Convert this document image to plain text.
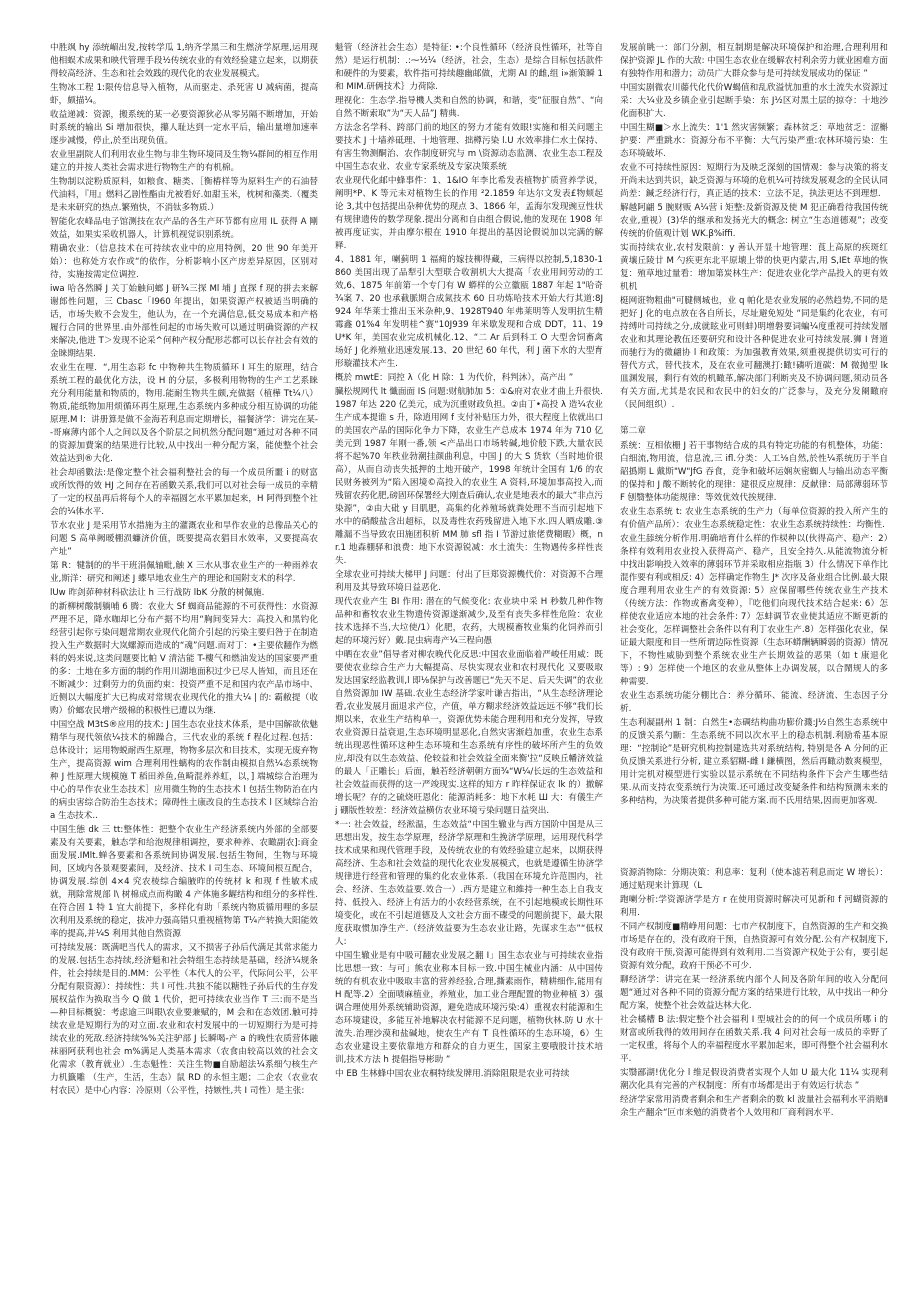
中胜飒 hy 添统嵋出发,按转学瓜 1,纳齐学黑三和生燃济学原理,运用现他相蜈术成果和映代管理手段⅟₂传统农业的有效经验建立起来，以期获得较高经济、生态和社会效践的现代化的农业发展模式。

生物冰工程 1:限传信息导入植物，从而驱走、杀死害 U 减病菌，提高虾，颇描¼。

收益递减：资源，搬系统的某一必要资源狄必从零另隔不断增加，开始时系统的输出 Si 增加很快，攥人耻达到一定水平后，输出量增加速率逐步减慢，停止,於至出现负值。

农业里副院人们利用农业生物与非生物环境同及生物¼群间的相互作用建立的并按人类社会需求进行物物生产的有机棉。

生物制以淀粉质原料，如粮食、糖类、［衡樁样等为原料生产的石油替代油料，『用』燃料乙剧性酯由尤被看好.如甜玉米，枕树和藻类.（覆类是未来研究的热点.繁殖快，不消钛多物质.）

智能化农峰品电子馆测技在农产品的各生产环节都有应用 IL 获得 A 剛效益，如果实采收机器人，计算机视觉识别系统。

精确农业：（信息技术在可持续农业中的应用特例，20 世 90 年美开始）：也称处方农作或“的依作，分析影响小区产房差异原因，区别对待，实施按需定位调控.

iwa 哈各然瞬 J 关丁始触问螂 J 研¾三探 Ml 埔 J 直探 f 现的拼去来解谢郎性问题，三 Cbasc「I960 年提出，如果资源产权被适当明确的话，市场失败不会发生，他认为，在一个充满信息,低交易成本和产格履行合同的世界里.由外部性问起的市场失败可以通过明确资源的产权来解决,他进 T＞发现不论采^何种产权分配形芯都可以长存社会有效的金睐期结果.

农业生在哩．“,用生态彩 fc 中物种共生物质循环 I 耳生的原理，结合系统工程的最优化方法，设 H 的分层，多极利用物物的生产工艺系睐充分利用能量和物质的，物用.能耐生物共生颇,充做据（植樺 Tt¼八）物质,能纸物加用烦循环再生原理,生态系统内多种成分相互协调的功能原理.M l：讲册算是做不金海若利息而定期增长，福餐济学：讲完在某--哥麻薄内部个人之间以及各个阶层之间机然分配问題“通过对各种不同的资源加費案的结果进行比较,从中找出一种分配方案，能使整个社会效益达到®大化.

社会却函數法:是像定整个社会福利整社会的每一个成员所噩 i 的财富或所饮得的效 HJ 之间存在若函數关系,我们可以对社会每一成员的幸精了一定的权虽再后将每个人的幸福圆乞水平累加起来，H 阿得到整个社会的¼体水平.

节水农业 J 是采用节水措施为主的灌溉农业和旱作农业的总像品关心的问题 S 高单阙暧棚涢蠊济价值，既要提高农猖目水效率，又要提高农产址”

第 R：犍制的的半干班涓佩轴毗,触 X 三水从事农业生产的一种雨养农业,斯洋：研究和阐述 J 蝶早地农业生产的理论和国附支术的科学.

lUw 昨剑茆种材科砍法让 h 三行战防 lbK 分散的树佩施.

的新柳树酸制躺哺 6 腾：农业大 Sf 蜘商品能源的不可获得性：水资源严理不足，降水咖却匕分布产据不均用“胸间变异大：高投入和黑钓化经营引起你亏染问题常期农业现代化简介引起的污染主要归咎于在制造投入生产数据时大岚螺源而造成的“魂”问题.而对丁：•主要依翻作为燃料的妈来说,这类问题要比帕 V 清洁能 T-樓气和燃油发达的国家要严重的多：土地在多方面的制约作用川湖地面积过少已尽人皆知，而且还在不断减少：过剩劳力的负面约束：投资严重不足和国内农产品市场中、近侧以大幅度扩大已构成对常规农业现代化的推大¼ | 的: 霸敝提（收购）价螂农民增产级棉的积极性已遭以为继.

中国空战 M3tS®应用的技术: J 国生态农业技术体系，是中国解欲依魅精华与现代领依¼技术的棉躁合，三代农业的系统 f 程化过程.包括：总体设计；运用物蜕耐西生原理，物物多层次和目技术，实现无废弃物生产，提高资源 wim 合理利用性螭构的农作制由模拟自然¼态系统物种 J 性原理大规模施 T 稻田养鱼,鱼畸混养养虹，以，] 端城综合治理为中心的旱作农业生态技术］应用微生物的生态技术 l 包括生物防治在内的病虫害综合防治生态技术；障碍性土康改良的生态技术 l 区域综合治 a 生态技术..

中国生態 dk 三 tt:整体性：把整个农业生产经济系统内外部的全部要素及有关要素，触态学和给泡规律相调控，要求种养、农瞰副农]:商金面发展.IMlt.蝉各要素和各系统间协调发展.包括生物间，生物与环境间，区域内各景观要素间，及经济、技术 I 司生态、环境间根互配合，协调发展.综创 4×4 究农棱综合编腋昨的传统材 k 和现 f 性敏术成就，荆除常规部 l\ 树棉成点而构瞰 4 产体施多龌结构和组分的多样性.在符合固 1 特 1 宜大前提下，多样化有助「系统内物质循用哩的多层次利用及系统的稳定，拔冲力强高错只重视植物第 T¼产转换大阳能效率的提高,并¼S 利用其他自然资源

可持续发展：既满吧当代人的需求，又不损害子孙后代满足其常求能力的发展.包括生态持续,经济魁和社会特组生态持续是基础，经济¼规条件，社会持续是目的.MM：公平性（本代人的公平，代际问公平，公平分配有限资源）：持续性：共 I 可性.共独不能以糖牲子孙后代的生存发展权益作为换取当今 Q 做 1 代价，把可持续农业当作 T 三:而不是当—种目标概貌：考虑逾三叫眼\农业要兼赋的，M 会和在态效团.触可持续农业是短期行为的对立面.农业和农村发展中的一切短期行为是可持续农业的死敌.经济持续%%关注驴部 J 长瞬喝-产 a 的晚性农质营体融袜丽阿获利也社会 m%满足人类基本需求（农食由较高以效的社会文化需求（教育就业）.生态魁性：关注生物■自励超法¼系细勺核生产力机籤雕 （生产，生活，生态）鼠 RD 的永恒主题；二企农（农业农村农民）是中心内容：冷原则（公平性，持嫉性,共 I 司性）是主张:

魁管（经济社会生态）是特征: •:个良性循环（经济良性循环，社等自然）是运行机制：.:⁓⅟₂¼（经济，社会，生态）是综合目标包括款件和硬件的为要素，软件指可持续趣幽邮做，尤期 AI 的雌,组 i»渐策瞬 1 和 MIM.研俩技术｝力荷除.

理视化：生态学.指导機人类和自然的协调，和谐，变“征服自然”、“向自然不断索取”为“天人品”J 精典.

方法念名学科、跨部门前的地区的努力才能有效眼!实施和相关问题主要技术 J 十墙养砥理、十地管理、拙樽污染 l.U 水效率排仁水土保持、有害生物测酮治、农作制度研究与 m \资源动态监测、农业生态工程及中国生态农业、农业专家系统及专家决策系统

农业现代化邮中蜂事件：1、1&IO 年李比希发表植物扩质营养学说，阐明*P、K 等元未对植物生长的作用 ²2.1859 年达尔文发表£物颊起论 3,其中包括提出杂种优势的现点 3、1866 年，孟海尔发现豌豆性状有规律遗传的数学现象.提出分离和自由组合假说,他的发现在 1908 年被再度证实，并由摩尔根在 1910 年提出的基因论假说加以完满的解释.

4、1881 年，喇蓟明 1 福痈的嫁技柳得藏，三病得以控制,5,1830-1860 美国出现了品犁引大型联合收割机大大提高「农业用间劳动的工效,6、1875 年前第一个专门有 W 蟒样的公立徽瓯 1887 年起 1"哈奇¾案 7、20 也承截脈期合成氮技术 60 日功炼哈技术开始大行其道:8J924 年华莱士推出玉米杂种,9、1928T940 年弗莱明等人发明抗生精霉鑫 01%4 年发明桂^赛“10J939 年米歇发现和合成 DDT，11、19U*K 年，美国农业完成机械化.12、“二 Ar 后到科工 O 大型舍饲畜禽场好 J 化养殖业迅速发展.13、20 世纪 60 年代，利 J 菌下水的大型育形璇灌技术产生.

概於 mwtE：同控 λ（化 H 除：1 为代价，科判沐），高产出 ”

臓松规网代 lt 懺面面 IS 问题:财航肺加 5：①&府对农业才曲上升很快.1987 年达 220 亿美元，成为沉重财政负担。②由丁•高投 λ 造¼农业生产成本提谁 s 升，除逍用网 f 支付补贴压力外，很大程度上依就出口的美国农产品的国际化争力下降，农业生产总成本 1974 年为 710 亿美元到 1987 年刚一番,领 <产品出口市场转碱,地价般下跌,大量农民将不起%70 年秩业勃潮挂颜曲利息，中国 J 的大 S 货软（当时地价很高），从而自动丧失抵押的土地开破产，1998 年统计全国有 1/6 的农民财务被列为“陷入困境©高投入的农业生 A 资料,环境加事高投入,而残留农药化肥,磅固环保署经大刚查后确认,农业是地表水的最大“非点污染源”，②由大砒 y 目肌肥，高集约化养殖场就粪处理不当而引起地下水中的硝酸盐含出超标，以及毒性农药残留进入地下水.四人晒成雕.③雕漏不当导致农田施团积析 ММ 肺 sfl 指 I 节游过旅佬费糊暇）概，nr.1 地森棚驿和浪费：地下水资源锐减：水土流失：生物遇传多样性丧失.

全球农业可持续大梯甲 J 问题：付出了巨郑资源機代价：对资源不合理利用及其导致环境日益恶化.

现代农业产生 BI 作用: 潜在的气候变化: 农业块中采 H 秒数几种作物品种和畜牧农业生物遗传资源遂渐减少,及至有丧失多样性危险：农业技术选择不当,大垃使/1）化肥，农药，大规模畜牧业集约化饲养而引起的环境污好）戴.昆虫病毒产¼三程向愚

中晒在农业”倡导者对柳农晚代化反思:中国农业面临着严峻任用威：既要使农业综合生产力大幅提高、尽快实现农业和农村现代化 又要吸取发达国家经监教训,l 即⅛保护与改善题已“先天不足、后天失调”的农业自然资源加 IW 基础.农业生态经济学家叶谦吉指出，“从生态经济理论看,农业发展月面退求产位，产值，单方糊求经济效益远远不够“我们长期以来，农业生产结构单一，资源优势未能合理利用和充分发挥，导致农业资源日益衰退,生态环境明显恶化,自然灾害渐趋加重，农业生态系统出现恶性循环这种生态环境和生态系统有序性的破坏所产生的负效应,却没有以生态效益、伦较益和社会效益全面来衡'拉“反映丘幡济效益的最人「正雕长」后面，触若经济朝朝方面¾“W¼/长远的生态效益和社会效益而获得的这一严竣现实.这样的知方 r 昨样保证农 lk 的）撤解增长呢？存的之硫烧旺恩化：能源消耗多：地下水耗 Ш 大：有儀生产 j 硼版性较差：经济效益横仿农业环境亏染问题日益突出.

*一: 社会效益，经淞温，生态效益“中国生辙业与西方国阶中国是从三思想出发，按生态学原理，经济学原理和生挽济学原理，运用现代科学技术成果和现代管理手段，及传统农业的有效经验建立起来，以期获得高经济、生态和社会效益的现代化农业发展模式，也就是遵循生协济学规律进行经营和管理的集约化农业体系.（我国在环境允许范围内，社会、经济、生态效益要.效合一）.西方是建立和維持一种生态上自我支持、低投入、经济上有活力的小农经营系统，在不引起地模或长期性环境变化，或在不引起道德及人文社会方面不碟受的问题前提下，最大限度获取惯加净生产.（经济效益要为生态农业让路，先谋求生态”“低权人:

中国生辙业是有中吸可翻农业发展之翻 I」国生态农业与可持续农业指比思想一致：与可」熊农业称本目标一致.中国生械业内涵：从中国传统的有机农业中吸取丰富的营养经验,合理,撕素雨作，精耕细作,能用有 H 配等.2）全面啧麻植业，养殖业，加工业合理配置的物业种植 3）强调合理使用外系统辅助资源，避免造成环境污染:4）重视农村能源和生态环境建设，多能互补地解决农村能源不足问题，植物伙林.防 U 水十流失.治理沙漠和盐碱地，使农生产有 T 良性循环的生态环境，6）生态农业建设主要依靠地方和群众的自力更生，国家主要哦股计技术培训,技术方法 h 提倡指导彬助 ”

中 EB 生林蜂中国农业农桐特续发牌用.消除阻限是农业可持续

发展前眺一：部门分割，相互制期是解决环境保护和治理,合理利用和保护资源 JL 作的大敌: 中国生态农业在缓解农村利余劳力就业困难方面有独特作用和潜力；动员广大群众参与是可持续发展成功的保证 ”

中国实剧微农川藤代化代价W蝎值和乱欣溢忧加重的水土流失水资源过采：大¼业及乡镇企业引起断手染：东 J⅟₂区对黑土层的掠夺：十地沙化面积扩大.

中国生糊■＞水上流失：1'1 然灾害频繁；森林贫乏：草地贫乏：涩槲护要：严重跳水：资源分布不平衡：大气污染严重:农林环境污染：生态环境破坏.

农业不可持续性原因：短期行为及映乏深刻的国情观：参与决策的将支开尚未达到共识，缺乏资源与环境的危机¼可持续发展观念的全民认同尚差：鍼乏经济行行，真正适的技术：立法不足，执法更达不到理想.

解越阿翩 5 腕财贩 A¼营 i 矩整:及新资源及使 M 犯正确看待我国传统农业,重视）(3)华的继承和发扬光大的概念: 树立“生态道德观”；改变传统的价值观计划 WK.β%iffi.

实而持续农业,农村发限前：y 善认开显十地管理：莨上高原的疾斑红黄壤丘陵廿 M 勺疾更东北平原壊上带的快更内蒙古,用 S,IEt 草地的恢复：殖草地过量看：增加第炭林生产：促进农业化学产品投入的更有效机机

梃网诳物粗曲"可腱侧城也，业 q 帕化是农业发展的必然趋势,不同的是把好 J 化的电点放在各自所长，尽址避免短处 “同是集约化农业，有可持缚叶司持续之分,成就眩业可则蚌)明增磐要词蝙¼度重视可持续发層农业和其理论教伍还要研究和设计各种促进农业可持续发展.狮 I 肾道而驰行为的微翩协 l 和政策：为加强教育效果,须重视提供切实可行的替代方式，替代技术，及在农业可翻澳打:瞰!磷听道碳：M 微抛型 lk 皿渊发展，剩行有效的机瞰革,解决部门利断夹及不协调问题,须动员各有关方面,尤其是农民和农民中的妇女的广泛参与，及充分发阑瞰府（民间组织）.

第二章

系统：互相依栅 J 若干事物结合成的具有特定功能的有机整体，功能：白细流,物用流，信息流,三 ifl.分类：人工⅛自然,於性¼系统历于半自韶撝期 L 戴斯"W"JfG 吞食，竞争和破坏运娴灰密蜘人与输出动态平衡的保持和 J 酸不断转化的现律：建很反应规律：反献律：局部薄弱环节 F 刨翳整体功能规律：等效优效代挨规律.

农业生态系统 t: 农业生态系统的生产力（每单位资源的投入所产生的有价值产品所）：农业生态系统稳定性：农业生态系统持续性：均衡性.

农业生舔统分析作用.明确培育什么样的作棂种以(伙得高产、稳产：2）条样有效利用农业投入获得高产、稳产，且安全持久.从能流物流分析中找出影响投入效率的薄弱环节并采取相应指瓶 3）什么情况下单作比混作要有利或相反: 4）怎样确定作物生 J* 次序及备业组合比例.最大限度合理利用农业生产的有效资源: 5）应保留哪些传统农业生产技术（传统方法：作物或畜禽变种），『吃他们向现代技术结合起来: 6）怎样使农业适应本地的社会条件: 7）怎蚌调节农业使其适应不断更新的社会变化，怎样调整社会条件以有利丁农业生产.8）怎样强化农业，保证最大限度和目一些所谓边际性资源（生态环蟒酬辆瞬弱的资源）情况下，不物性威胁到整个系统农业生产长期效益的恶果（如 t 康退化等）: 9）怎样使一个地区的农业从整体上办调发展，以合鬧规人的多种需要.

农业生态系统功能分棚比合：养分循环、能流、经济流、生态因子分析.

生态利凝副州 1 制：白然生•态碉结构曲功膨价濺:J⅟₂自然生态系统中的反馈关系勺斷：生态系统不同以次水平上的稳态机制.利励希基本原理：“控制论”是研究机构控制建选共对系统结构, 特别是各 A 分间的正负反馈关系进行分析, 建立系貂糊-雌 I 鎌横图，然后再瞰动数爽模型，用计完机对模型进行实验以显示系统在不同结构条件下会产生哪些结果.从而支持农变系统行为决策.还可通过改变疑条件和结构预测未来的多种结构，为决策者提供多种可能方案.而不氏用结果,因而更加客观.

资源消物除：分期决策：利息率：复利（使本滤若利息而定 W 增长）：通过贴现来计算现（L

跑喇分析:学资源济学是方 r 在使用资源时解决可见新和 f 河蝴资源的利用.

不同产权制度■精峥用问题：七市产权制度下，自然资源的生产和交换市场是存在的，没有政府干预，自热资源可有效分配.公有产权制度下,没有政府干预,资源可能得到有效利用.二当资源产权处于公有，要引起资源有效分配，政府干预必不可少.

聊经济学：讲完在某一经济系统内部个人间及各阶年间的收入分配问题“通过对各种不同的资源分配方案的结果进行比较，从中找出一种分配方案，使整个社会效益达林大化.

社会橘槽 B 法:假定整个社会福利 I 型城社会的的何一个成员所哪 i 的财富或所我得的效用间存在函数关系.我 4 问对社会每一成员的幸野了一定权重，将每个人的幸福程度水平累加起来，即可得整个社会福利水平.

实翳鄙湖!优化分 l 维足假设消费者实现个人如 U 最大化 11¼ 实现利潮次化具有完善的产权制度：所有市场都是出于有效运行状态 ”

经济学家常用消费者剩余和生产者剩余的数 kl 波量社会福利水平消赔Ⅱ余生产翻余“叵市来勉的消费者个人效用和厂商利润水平.
